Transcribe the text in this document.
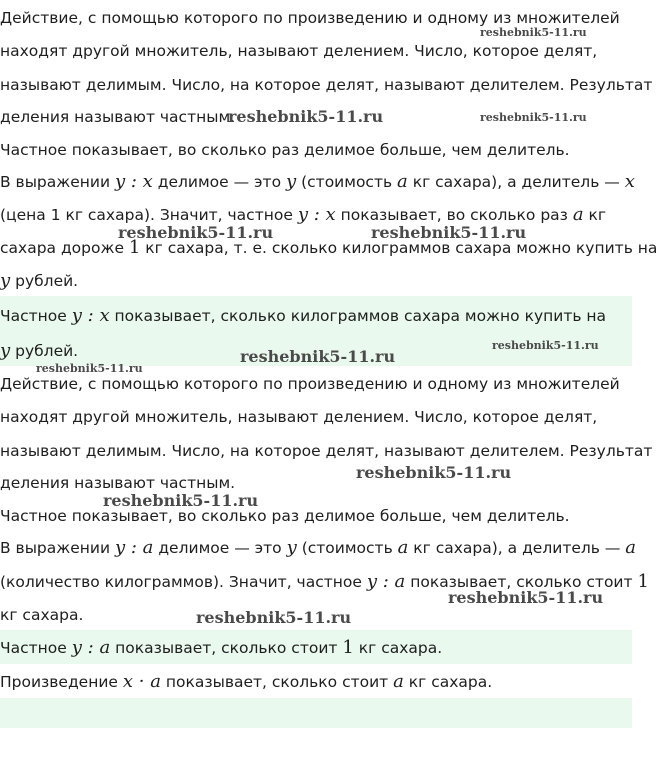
Действие, с помощью которого по произведению и одному из множителей
находят другой множитель, называют делением. Число, которое делят,
называют делимым. Число, на которое делят, называют делителем. Результат
деления называют частным.
Частное показывает, во сколько раз делимое больше, чем делитель.
В выражении y : x делимое — это y (стоимость a кг сахара), а делитель — x
(цена 1 кг сахара). Значит, частное y : x показывает, во сколько раз a кг
сахара дороже 1 кг сахара, т. е. сколько килограммов сахара можно купить на
y рублей.
Частное y : x показывает, сколько килограммов сахара можно купить на
y рублей.
Действие, с помощью которого по произведению и одному из множителей
находят другой множитель, называют делением. Число, которое делят,
называют делимым. Число, на которое делят, называют делителем. Результат
деления называют частным.
Частное показывает, во сколько раз делимое больше, чем делитель.
В выражении y : a делимое — это y (стоимость a кг сахара), а делитель — a
(количество килограммов). Значит, частное y : a показывает, сколько стоит 1
кг сахара.
Частное y : a показывает, сколько стоит 1 кг сахара.
Произведение x · a показывает, сколько стоит a кг сахара.
reshebnik5-11.ru
reshebnik5-11.ru	reshebnik5-11.ru
reshebnik5-11.ru	reshebnik5-11.ru
reshebnik5-11.ru
reshebnik5-11.ru
reshebnik5-11.ru
reshebnik5-11.ru
reshebnik5-11.ru
reshebnik5-11.ru
reshebnik5-11.ru
